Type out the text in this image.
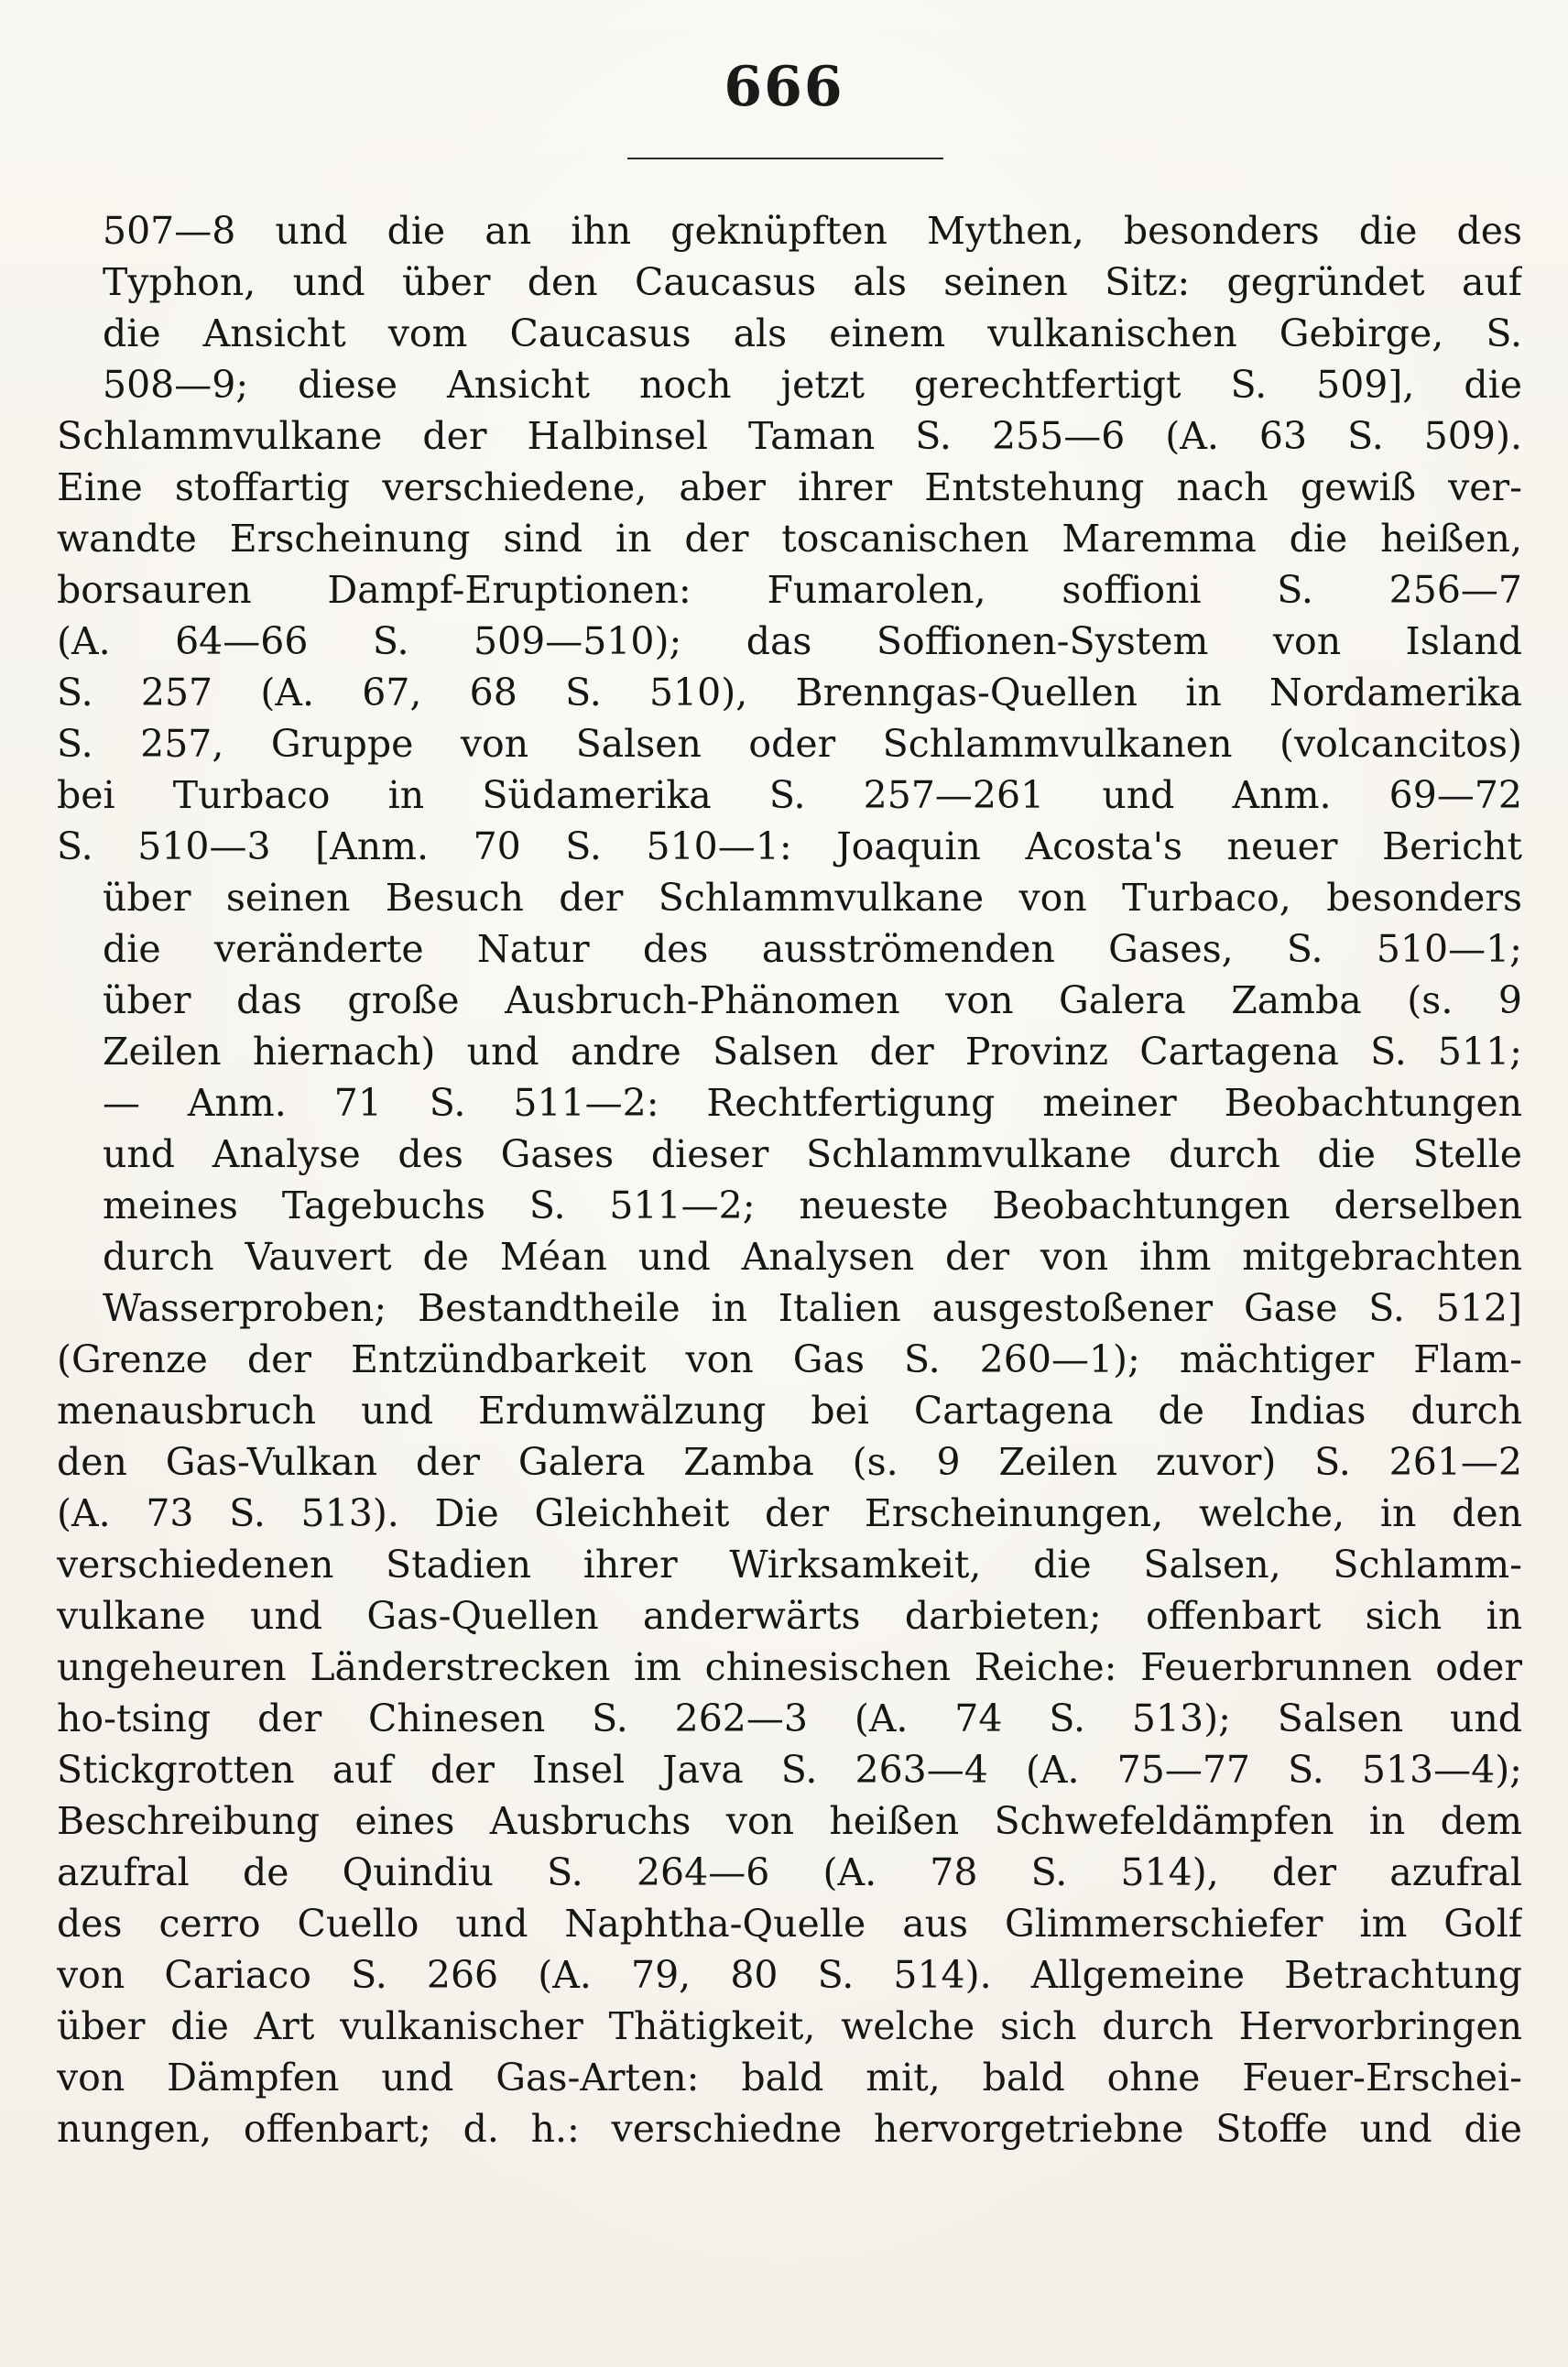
666
507—8 und die an ihn geknüpften Mythen, besonders die des
Typhon, und über den Caucasus als seinen Sitz: gegründet auf
die Ansicht vom Caucasus als einem vulkanischen Gebirge, S.
508—9; diese Ansicht noch jetzt gerechtfertigt S. 509], die
Schlammvulkane der Halbinsel Taman S. 255—6 (A. 63 S. 509).
Eine stoffartig verschiedene, aber ihrer Entstehung nach gewiß ver-
wandte Erscheinung sind in der toscanischen Maremma die heißen,
borsauren Dampf-Eruptionen: Fumarolen, soffioni S. 256—7
(A. 64—66 S. 509—510); das Soffionen-System von Island
S. 257 (A. 67, 68 S. 510), Brenngas-Quellen in Nordamerika
S. 257, Gruppe von Salsen oder Schlammvulkanen (volcancitos)
bei Turbaco in Südamerika S. 257—261 und Anm. 69—72
S. 510—3 [Anm. 70 S. 510—1: Joaquin Acosta's neuer Bericht
über seinen Besuch der Schlammvulkane von Turbaco, besonders
die veränderte Natur des ausströmenden Gases, S. 510—1;
über das große Ausbruch-Phänomen von Galera Zamba (s. 9
Zeilen hiernach) und andre Salsen der Provinz Cartagena S. 511;
— Anm. 71 S. 511—2: Rechtfertigung meiner Beobachtungen
und Analyse des Gases dieser Schlammvulkane durch die Stelle
meines Tagebuchs S. 511—2; neueste Beobachtungen derselben
durch Vauvert de Méan und Analysen der von ihm mitgebrachten
Wasserproben; Bestandtheile in Italien ausgestoßener Gase S. 512]
(Grenze der Entzündbarkeit von Gas S. 260—1); mächtiger Flam-
menausbruch und Erdumwälzung bei Cartagena de Indias durch
den Gas-Vulkan der Galera Zamba (s. 9 Zeilen zuvor) S. 261—2
(A. 73 S. 513). Die Gleichheit der Erscheinungen, welche, in den
verschiedenen Stadien ihrer Wirksamkeit, die Salsen, Schlamm-
vulkane und Gas-Quellen anderwärts darbieten; offenbart sich in
ungeheuren Länderstrecken im chinesischen Reiche: Feuerbrunnen oder
ho-tsing der Chinesen S. 262—3 (A. 74 S. 513); Salsen und
Stickgrotten auf der Insel Java S. 263—4 (A. 75—77 S. 513—4);
Beschreibung eines Ausbruchs von heißen Schwefeldämpfen in dem
azufral de Quindiu S. 264—6 (A. 78 S. 514), der azufral
des cerro Cuello und Naphtha-Quelle aus Glimmerschiefer im Golf
von Cariaco S. 266 (A. 79, 80 S. 514). Allgemeine Betrachtung
über die Art vulkanischer Thätigkeit, welche sich durch Hervorbringen
von Dämpfen und Gas-Arten: bald mit, bald ohne Feuer-Erschei-
nungen, offenbart; d. h.: verschiedne hervorgetriebne Stoffe und die
